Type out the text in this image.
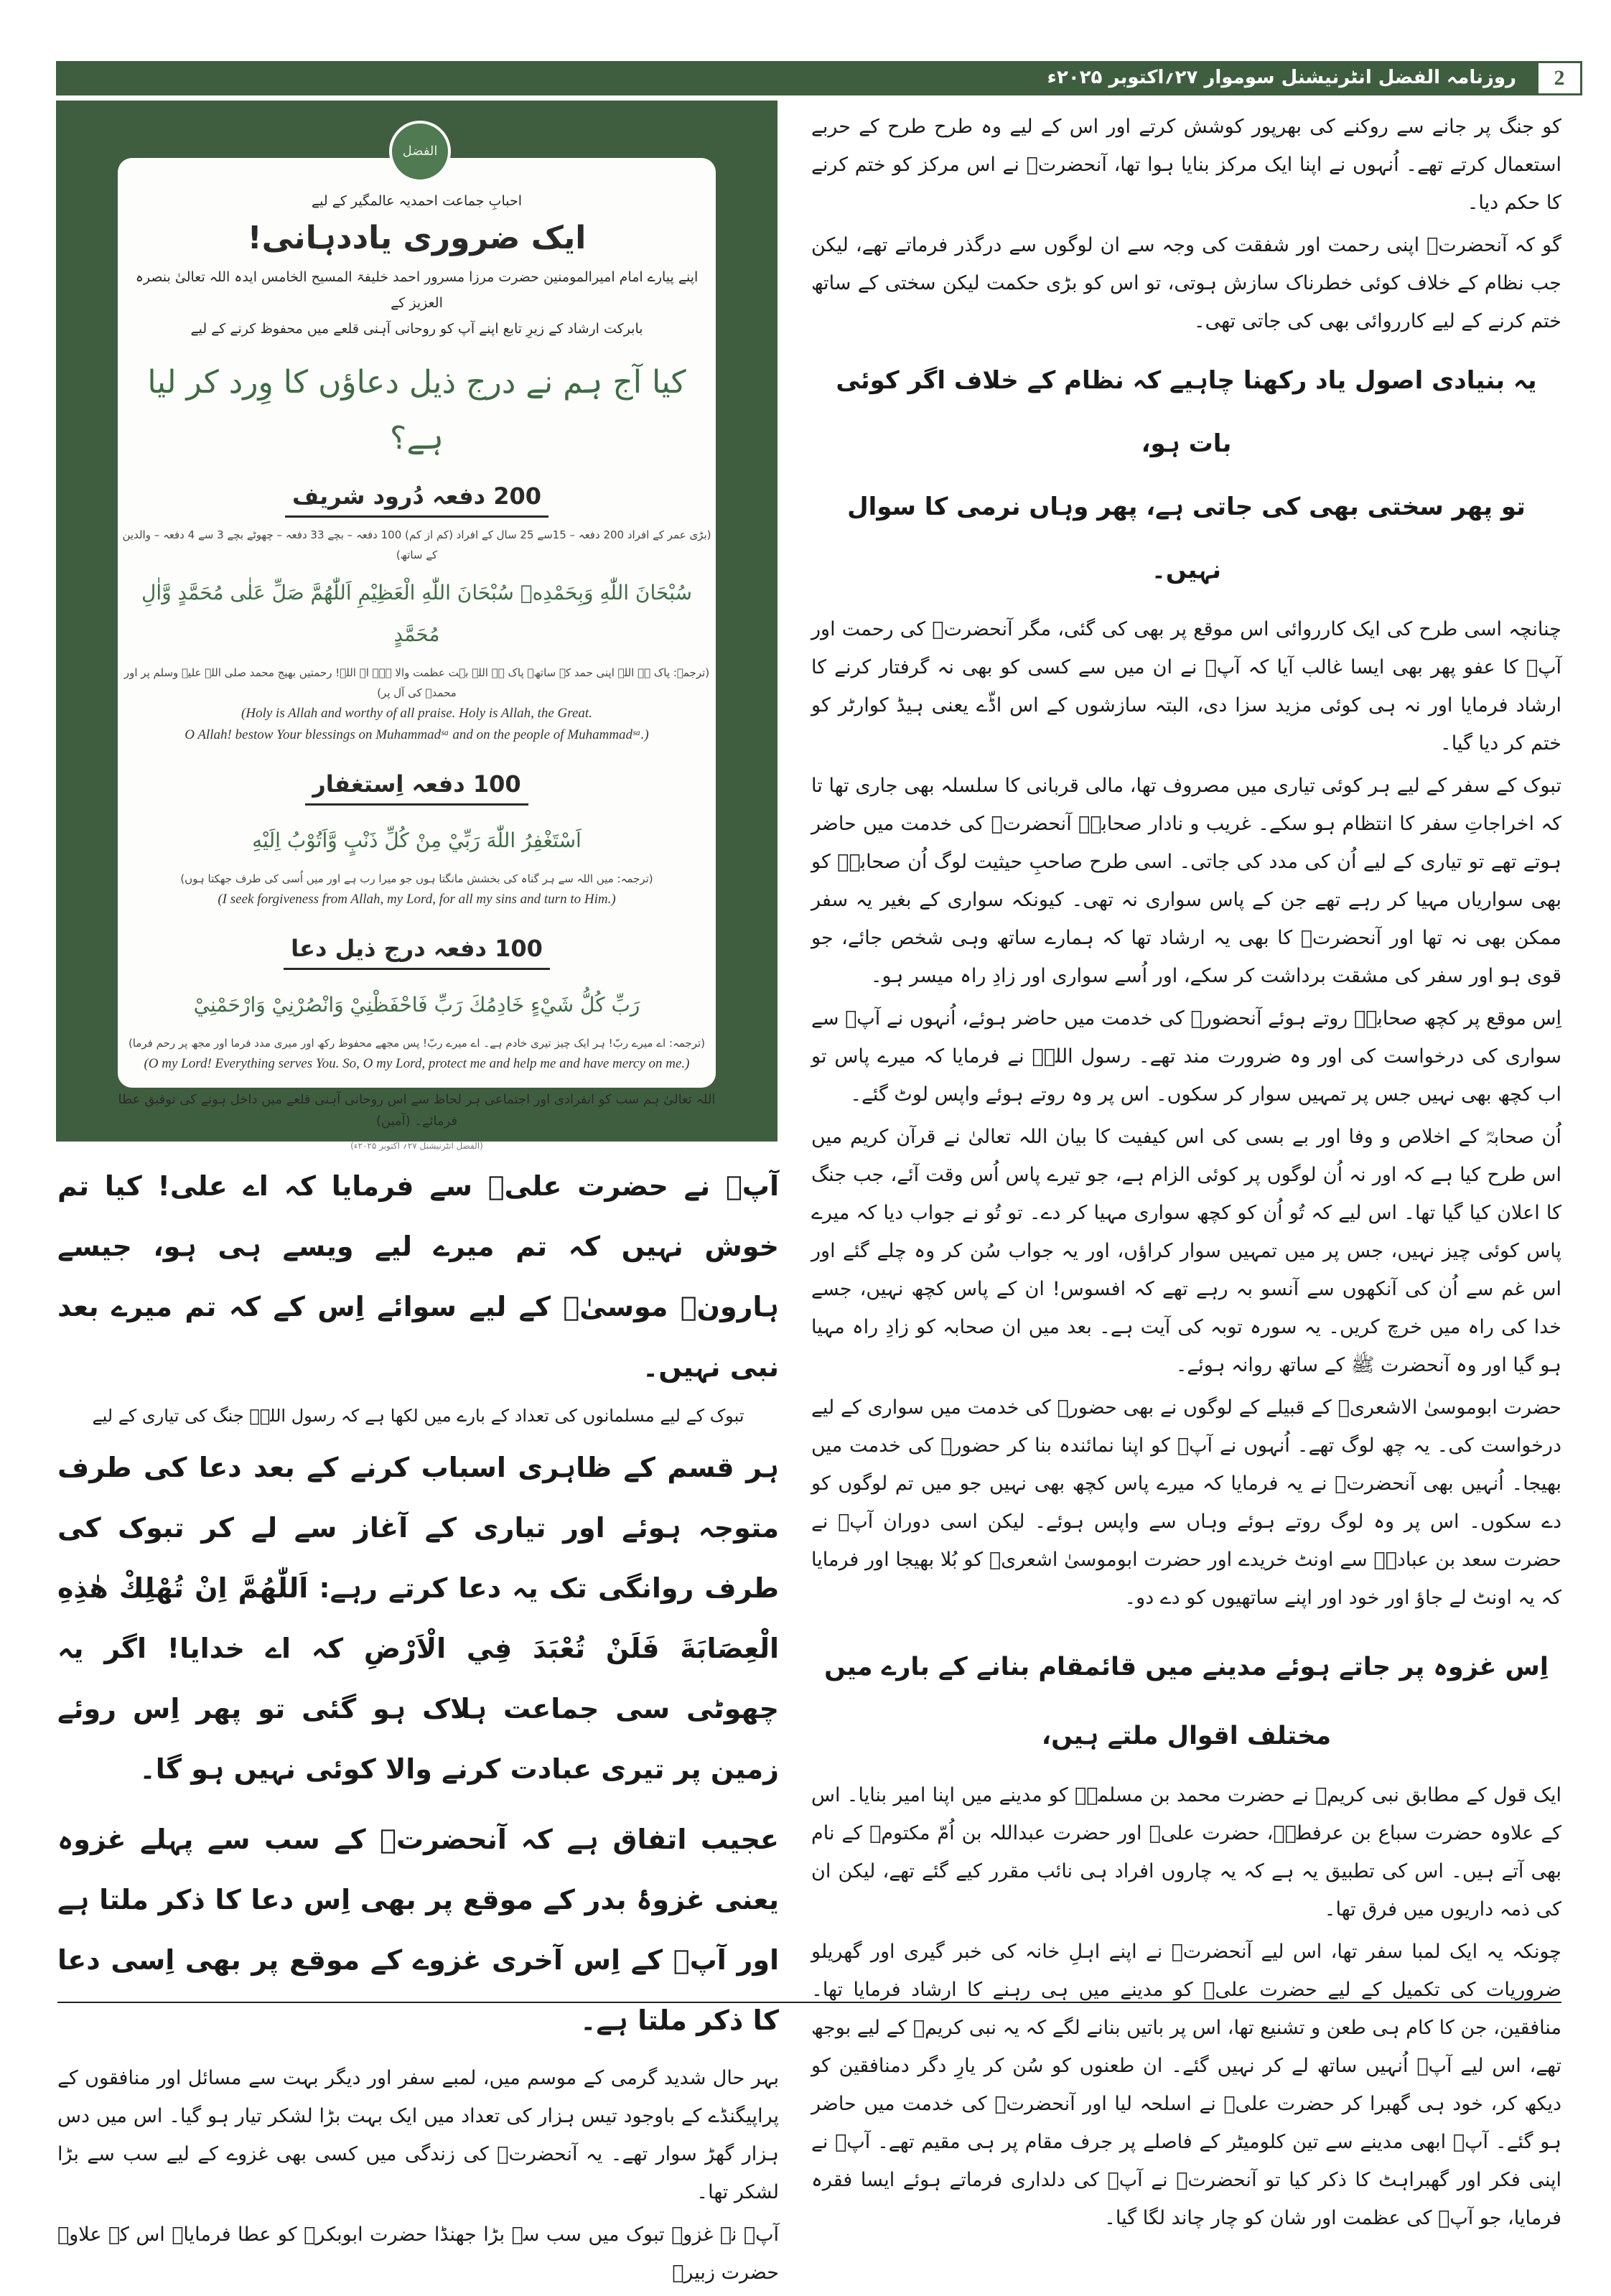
روزنامہ الفضل انٹرنیشنل سوموار ۲۷؍اکتوبر ۲۰۲۵ء	2

کو جنگ پر جانے سے روکنے کی بھرپور کوشش کرتے اور اس کے لیے وہ طرح طرح کے حربے استعمال کرتے تھے۔ اُنہوں نے اپنا ایک مرکز بنایا ہوا تھا، آنحضرتؐ نے اس مرکز کو ختم کرنے کا حکم دیا۔

گو کہ آنحضرتؐ اپنی رحمت اور شفقت کی وجہ سے ان لوگوں سے درگذر فرماتے تھے، لیکن جب نظام کے خلاف کوئی خطرناک سازش ہوتی، تو اس کو بڑی حکمت لیکن سختی کے ساتھ ختم کرنے کے لیے کارروائی بھی کی جاتی تھی۔

یہ بنیادی اصول یاد رکھنا چاہیے کہ نظام کے خلاف اگر کوئی بات ہو،
تو پھر سختی بھی کی جاتی ہے، پھر وہاں نرمی کا سوال نہیں۔

چنانچہ اسی طرح کی ایک کارروائی اس موقع پر بھی کی گئی، مگر آنحضرتؐ کی رحمت اور آپؐ کا عفو پھر بھی ایسا غالب آیا کہ آپؐ نے ان میں سے کسی کو بھی نہ گرفتار کرنے کا ارشاد فرمایا اور نہ ہی کوئی مزید سزا دی، البتہ سازشوں کے اس اڈّے یعنی ہیڈ کوارٹر کو ختم کر دیا گیا۔

تبوک کے سفر کے لیے ہر کوئی تیاری میں مصروف تھا، مالی قربانی کا سلسلہ بھی جاری تھا تا کہ اخراجاتِ سفر کا انتظام ہو سکے۔ غریب و نادار صحابہؓ آنحضرتؐ کی خدمت میں حاضر ہوتے تھے تو تیاری کے لیے اُن کی مدد کی جاتی۔ اسی طرح صاحبِ حیثیت لوگ اُن صحابہؓ کو بھی سواریاں مہیا کر رہے تھے جن کے پاس سواری نہ تھی۔ کیونکہ سواری کے بغیر یہ سفر ممکن بھی نہ تھا اور آنحضرتؐ کا بھی یہ ارشاد تھا کہ ہمارے ساتھ وہی شخص جائے، جو قوی ہو اور سفر کی مشقت برداشت کر سکے، اور اُسے سواری اور زادِ راہ میسر ہو۔

اِس موقع پر کچھ صحابہؓ روتے ہوئے آنحضورؐ کی خدمت میں حاضر ہوئے، اُنہوں نے آپؐ سے سواری کی درخواست کی اور وہ ضرورت مند تھے۔ رسول اللہؐ نے فرمایا کہ میرے پاس تو اب کچھ بھی نہیں جس پر تمہیں سوار کر سکوں۔ اس پر وہ روتے ہوئے واپس لوٹ گئے۔

اُن صحابہؓ کے اخلاص و وفا اور بے بسی کی اس کیفیت کا بیان اللہ تعالیٰ نے قرآن کریم میں اس طرح کیا ہے کہ اور نہ اُن لوگوں پر کوئی الزام ہے، جو تیرے پاس اُس وقت آئے، جب جنگ کا اعلان کیا گیا تھا۔ اس لیے کہ تُو اُن کو کچھ سواری مہیا کر دے۔ تو تُو نے جواب دیا کہ میرے پاس کوئی چیز نہیں، جس پر میں تمہیں سوار کراؤں، اور یہ جواب سُن کر وہ چلے گئے اور اس غم سے اُن کی آنکھوں سے آنسو بہ رہے تھے کہ افسوس! ان کے پاس کچھ نہیں، جسے خدا کی راہ میں خرچ کریں۔ یہ سورہ توبہ کی آیت ہے۔ بعد میں ان صحابہ کو زادِ راہ مہیا ہو گیا اور وہ آنحضرت ﷺ کے ساتھ روانہ ہوئے۔

حضرت ابوموسیٰ الاشعریؓ کے قبیلے کے لوگوں نے بھی حضورؐ کی خدمت میں سواری کے لیے درخواست کی۔ یہ چھ لوگ تھے۔ اُنہوں نے آپؐ کو اپنا نمائندہ بنا کر حضورؐ کی خدمت میں بھیجا۔ اُنہیں بھی آنحضرتؐ نے یہ فرمایا کہ میرے پاس کچھ بھی نہیں جو میں تم لوگوں کو دے سکوں۔ اس پر وہ لوگ روتے ہوئے وہاں سے واپس ہوئے۔ لیکن اسی دوران آپؐ نے حضرت سعد بن عبادہؓ سے اونٹ خریدے اور حضرت ابوموسیٰ اشعریؓ کو بُلا بھیجا اور فرمایا کہ یہ اونٹ لے جاؤ اور خود اور اپنے ساتھیوں کو دے دو۔

اِس غزوہ پر جاتے ہوئے مدینے میں قائمقام بنانے کے بارے میں
مختلف اقوال ملتے ہیں،

ایک قول کے مطابق نبی کریمؐ نے حضرت محمد بن مسلمہؓ کو مدینے میں اپنا امیر بنایا۔ اس کے علاوہ حضرت سباع بن عرفطہؓ، حضرت علیؓ اور حضرت عبداللہ بن اُمّ مکتومؓ کے نام بھی آتے ہیں۔ اس کی تطبیق یہ ہے کہ یہ چاروں افراد ہی نائب مقرر کیے گئے تھے، لیکن ان کی ذمہ داریوں میں فرق تھا۔

چونکہ یہ ایک لمبا سفر تھا، اس لیے آنحضرتؐ نے اپنے اہلِ خانہ کی خبر گیری اور گھریلو ضروریات کی تکمیل کے لیے حضرت علیؓ کو مدینے میں ہی رہنے کا ارشاد فرمایا تھا۔ منافقین، جن کا کام ہی طعن و تشنیع تھا، اس پر باتیں بنانے لگے کہ یہ نبی کریمؐ کے لیے بوجھ تھے، اس لیے آپؐ اُنہیں ساتھ لے کر نہیں گئے۔ ان طعنوں کو سُن کر یارِ دگر دمنافقین کو دیکھ کر، خود ہی گھبرا کر حضرت علیؓ نے اسلحہ لیا اور آنحضرتؐ کی خدمت میں حاضر ہو گئے۔ آپؐ ابھی مدینے سے تین کلومیٹر کے فاصلے پر جرف مقام پر ہی مقیم تھے۔ آپؐ نے اپنی فکر اور گھبراہٹ کا ذکر کیا تو آنحضرتؐ نے آپؓ کی دلداری فرماتے ہوئے ایسا فقرہ فرمایا، جو آپؓ کی عظمت اور شان کو چار چاند لگا گیا۔

الفضل
احبابِ جماعت احمدیہ عالمگیر کے لیے
ایک ضروری یاددہانی!
اپنے پیارے امام امیرالمومنین حضرت مرزا مسرور احمد خلیفۃ المسیح الخامس ایدہ اللہ تعالیٰ بنصرہ العزیز کے
بابرکت ارشاد کے زیرِ تابع اپنے آپ کو روحانی آہنی قلعے میں محفوظ کرنے کے لیے
کیا آج ہم نے درج ذیل دعاؤں کا وِرد کر لیا ہے؟
200 دفعہ دُرود شریف
(بڑی عمر کے افراد 200 دفعہ – 15سے 25 سال کے افراد (کم از کم) 100 دفعہ – بچے 33 دفعہ – چھوٹے بچے 3 سے 4 دفعہ – والدین کے ساتھ)
سُبْحَانَ اللّٰهِ وَبِحَمْدِهٖ سُبْحَانَ اللّٰهِ الْعَظِيْمِ اَللّٰهُمَّ صَلِّ عَلٰى مُحَمَّدٍ وَّاٰلِ مُحَمَّدٍ
(ترجمہ: پاک ہے اللہ اپنی حمد کے ساتھ۔ پاک ہے اللہ بہت عظمت والا ہے۔ اے اللہ! رحمتیں بھیج محمد صلی اللہ علیہ وسلم پر اور محمدؐ کی آل پر)
(Holy is Allah and worthy of all praise. Holy is Allah, the Great.
O Allah! bestow Your blessings on Muhammadˢᵃ and on the people of Muhammadˢᵃ.)
100 دفعہ اِستغفار
اَسْتَغْفِرُ اللّٰهَ رَبِّيْ مِنْ كُلِّ ذَنْبٍ وَّاَتُوْبُ اِلَيْهِ
(ترجمہ: میں اللہ سے ہر گناہ کی بخشش مانگتا ہوں جو میرا رب ہے اور میں اُسی کی طرف جھکتا ہوں)
(I seek forgiveness from Allah, my Lord, for all my sins and turn to Him.)
100 دفعہ درج ذیل دعا
رَبِّ كُلُّ شَيْءٍ خَادِمُكَ رَبِّ فَاحْفَظْنِيْ وَانْصُرْنِيْ وَارْحَمْنِيْ
(ترجمہ: اے میرے ربّ! ہر ایک چیز تیری خادم ہے۔ اے میرے ربّ! پس مجھے محفوظ رکھ اور میری مدد فرما اور مجھ پر رحم فرما)
(O my Lord! Everything serves You. So, O my Lord, protect me and help me and have mercy on me.)
اللہ تعالیٰ ہم سب کو انفرادی اور اجتماعی ہر لحاظ سے اس روحانی آہنی قلعے میں داخل ہونے کی توفیق عطا فرمائے۔ (آمین)
(الفضل انٹرنیشنل ۲۷؍ اکتوبر ۲۰۲۵ء)

آپؐ نے حضرت علیؓ سے فرمایا کہ اے علی! کیا تم خوش نہیں کہ تم میرے لیے ویسے ہی ہو، جیسے ہارونؑ موسیٰؑ کے لیے سوائے اِس کے کہ تم میرے بعد نبی نہیں۔

تبوک کے لیے مسلمانوں کی تعداد کے بارے میں لکھا ہے کہ رسول اللہؐ جنگ کی تیاری کے لیے

ہر قسم کے ظاہری اسباب کرنے کے بعد دعا کی طرف متوجہ ہوئے اور تیاری کے آغاز سے لے کر تبوک کی طرف روانگی تک یہ دعا کرتے رہے: اَللّٰهُمَّ اِنْ تُهْلِكْ هٰذِهِ الْعِصَابَةَ فَلَنْ تُعْبَدَ فِي الْاَرْضِ کہ اے خدایا! اگر یہ چھوٹی سی جماعت ہلاک ہو گئی تو پھر اِس روئے زمین پر تیری عبادت کرنے والا کوئی نہیں ہو گا۔

عجیب اتفاق ہے کہ آنحضرتؐ کے سب سے پہلے غزوہ یعنی غزوۂ بدر کے موقع پر بھی اِس دعا کا ذکر ملتا ہے اور آپؐ کے اِس آخری غزوے کے موقع پر بھی اِسی دعا کا ذکر ملتا ہے۔

بہر حال شدید گرمی کے موسم میں، لمبے سفر اور دیگر بہت سے مسائل اور منافقوں کے پراپیگنڈے کے باوجود تیس ہزار کی تعداد میں ایک بہت بڑا لشکر تیار ہو گیا۔ اس میں دس ہزار گھڑ سوار تھے۔ یہ آنحضرتؐ کی زندگی میں کسی بھی غزوے کے لیے سب سے بڑا لشکر تھا۔

آپؐ نے غزوۂ تبوک میں سب سے بڑا جھنڈا حضرت ابوبکرؓ کو عطا فرمایا۔ اس کے علاوہ حضرت زبیرؓ
